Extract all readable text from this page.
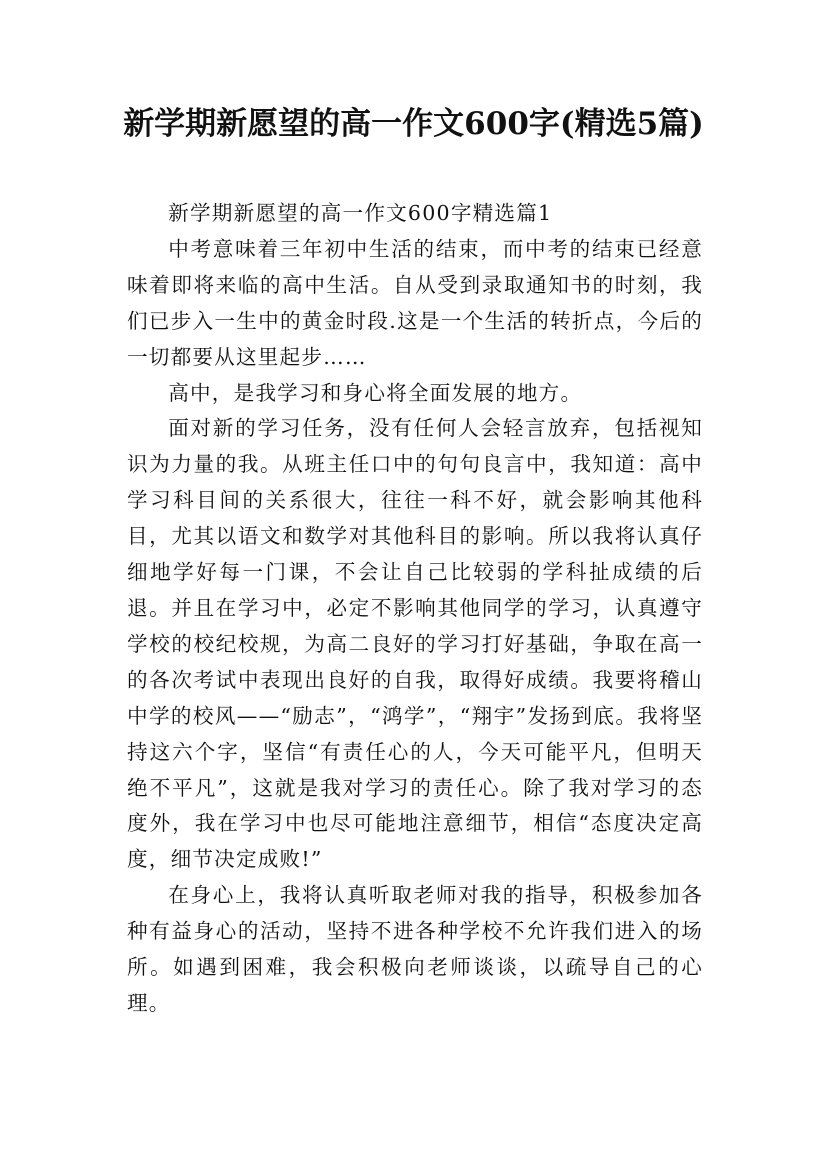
新学期新愿望的高一作文600字(精选5篇)

新学期新愿望的高一作文600字精选篇1

中考意味着三年初中生活的结束，而中考的结束已经意味着即将来临的高中生活。自从受到录取通知书的时刻，我们已步入一生中的黄金时段.这是一个生活的转折点，今后的一切都要从这里起步……

高中，是我学习和身心将全面发展的地方。

面对新的学习任务，没有任何人会轻言放弃，包括视知识为力量的我。从班主任口中的句句良言中，我知道：高中学习科目间的关系很大，往往一科不好，就会影响其他科目，尤其以语文和数学对其他科目的影响。所以我将认真仔细地学好每一门课，不会让自己比较弱的学科扯成绩的后退。并且在学习中，必定不影响其他同学的学习，认真遵守学校的校纪校规，为高二良好的学习打好基础，争取在高一的各次考试中表现出良好的自我，取得好成绩。我要将稽山中学的校风——“励志”，“鸿学”，“翔宇”发扬到底。我将坚持这六个字，坚信“有责任心的人，今天可能平凡，但明天绝不平凡”，这就是我对学习的责任心。除了我对学习的态度外，我在学习中也尽可能地注意细节，相信“态度决定高度，细节决定成败!”

在身心上，我将认真听取老师对我的指导，积极参加各种有益身心的活动，坚持不进各种学校不允许我们进入的场所。如遇到困难，我会积极向老师谈谈，以疏导自己的心理。
